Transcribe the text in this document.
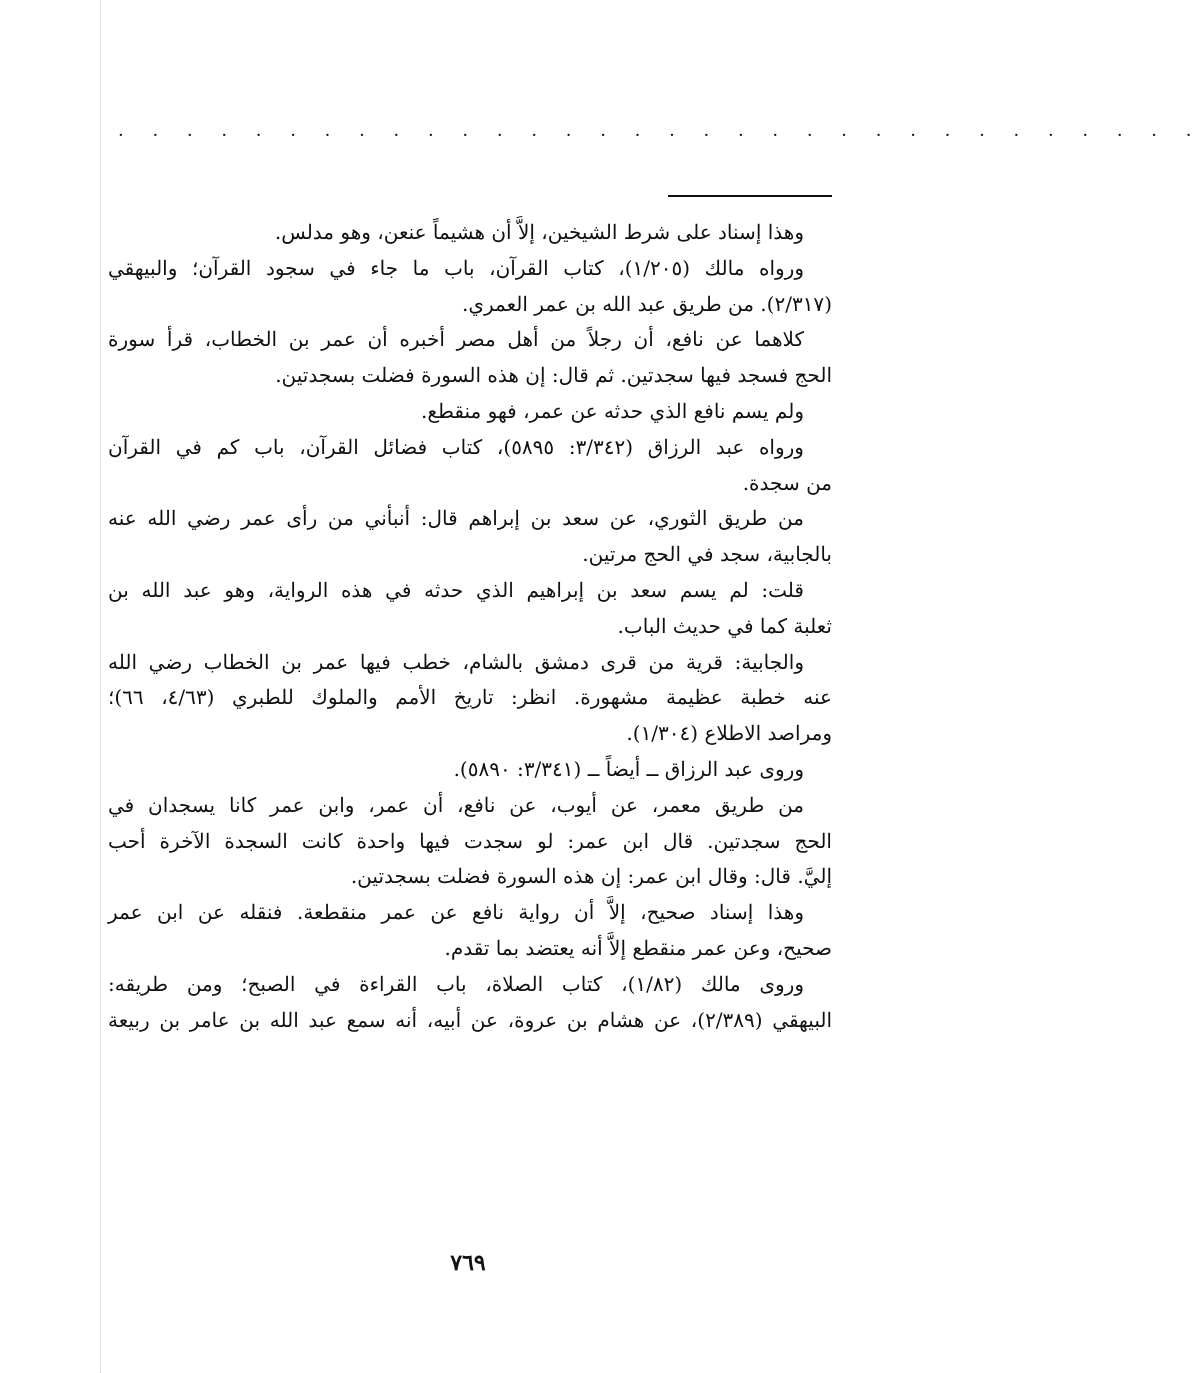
· · · · · · · · · · · · · · · · · · · · · · · · · · · · · · · ·
وهذا إسناد على شرط الشيخين، إلاَّ أن هشيماً عنعن، وهو مدلس.
ورواه مالك (١/٢٠٥)، كتاب القرآن، باب ما جاء في سجود القرآن؛ والبيهقي
(٢/٣١٧). من طريق عبد الله بن عمر العمري.
كلاهما عن نافع، أن رجلاً من أهل مصر أخبره أن عمر بن الخطاب، قرأ سورة
الحج فسجد فيها سجدتين. ثم قال: إن هذه السورة فضلت بسجدتين.
ولم يسم نافع الذي حدثه عن عمر، فهو منقطع.
ورواه عبد الرزاق (٣/٣٤٢: ٥٨٩٥)، كتاب فضائل القرآن، باب كم في القرآن
من سجدة.
من طريق الثوري، عن سعد بن إبراهم قال: أنبأني من رأى عمر رضي الله عنه
بالجابية، سجد في الحج مرتين.
قلت: لم يسم سعد بن إبراهيم الذي حدثه في هذه الرواية، وهو عبد الله بن
ثعلبة كما في حديث الباب.
والجابية: قرية من قرى دمشق بالشام، خطب فيها عمر بن الخطاب رضي الله
عنه خطبة عظيمة مشهورة. انظر: تاريخ الأمم والملوك للطبري (٤/٦٣، ٦٦)؛
ومراصد الاطلاع (١/٣٠٤).
وروى عبد الرزاق ــ أيضاً ــ (٣/٣٤١: ٥٨٩٠).
من طريق معمر، عن أيوب، عن نافع، أن عمر، وابن عمر كانا يسجدان في
الحج سجدتين. قال ابن عمر: لو سجدت فيها واحدة كانت السجدة الآخرة أحب
إليَّ. قال: وقال ابن عمر: إن هذه السورة فضلت بسجدتين.
وهذا إسناد صحيح، إلاَّ أن رواية نافع عن عمر منقطعة. فنقله عن ابن عمر
صحيح، وعن عمر منقطع إلاَّ أنه يعتضد بما تقدم.
وروى مالك (١/٨٢)، كتاب الصلاة، باب القراءة في الصبح؛ ومن طريقه:
البيهقي (٢/٣٨٩)، عن هشام بن عروة، عن أبيه، أنه سمع عبد الله بن عامر بن ربيعة
٧٦٩
